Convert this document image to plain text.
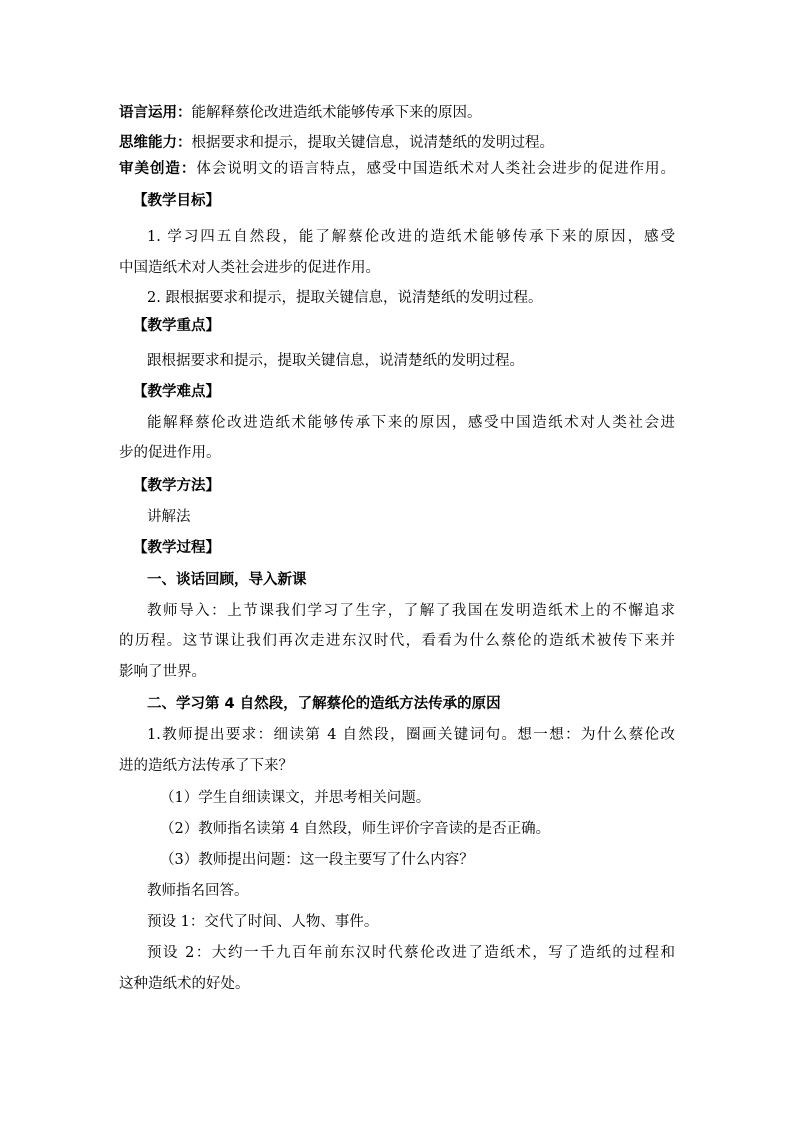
语言运用：能解释蔡伦改进造纸术能够传承下来的原因。
思维能力：根据要求和提示，提取关键信息，说清楚纸的发明过程。
审美创造：体会说明文的语言特点，感受中国造纸术对人类社会进步的促进作用。
【教学目标】
1. 学习四五自然段，能了解蔡伦改进的造纸术能够传承下来的原因，感受
中国造纸术对人类社会进步的促进作用。
2. 跟根据要求和提示，提取关键信息，说清楚纸的发明过程。
【教学重点】
跟根据要求和提示，提取关键信息，说清楚纸的发明过程。
【教学难点】
能解释蔡伦改进造纸术能够传承下来的原因，感受中国造纸术对人类社会进
步的促进作用。
【教学方法】
讲解法
【教学过程】
一、谈话回顾，导入新课
教师导入：上节课我们学习了生字，了解了我国在发明造纸术上的不懈追求
的历程。这节课让我们再次走进东汉时代，看看为什么蔡伦的造纸术被传下来并
影响了世界。
二、学习第 4 自然段，了解蔡伦的造纸方法传承的原因
1.教师提出要求：细读第 4 自然段，圈画关键词句。想一想：为什么蔡伦改
进的造纸方法传承了下来？
（1）学生自细读课文，并思考相关问题。
（2）教师指名读第 4 自然段，师生评价字音读的是否正确。
（3）教师提出问题：这一段主要写了什么内容？
教师指名回答。
预设 1：交代了时间、人物、事件。
预设 2：大约一千九百年前东汉时代蔡伦改进了造纸术，写了造纸的过程和
这种造纸术的好处。
